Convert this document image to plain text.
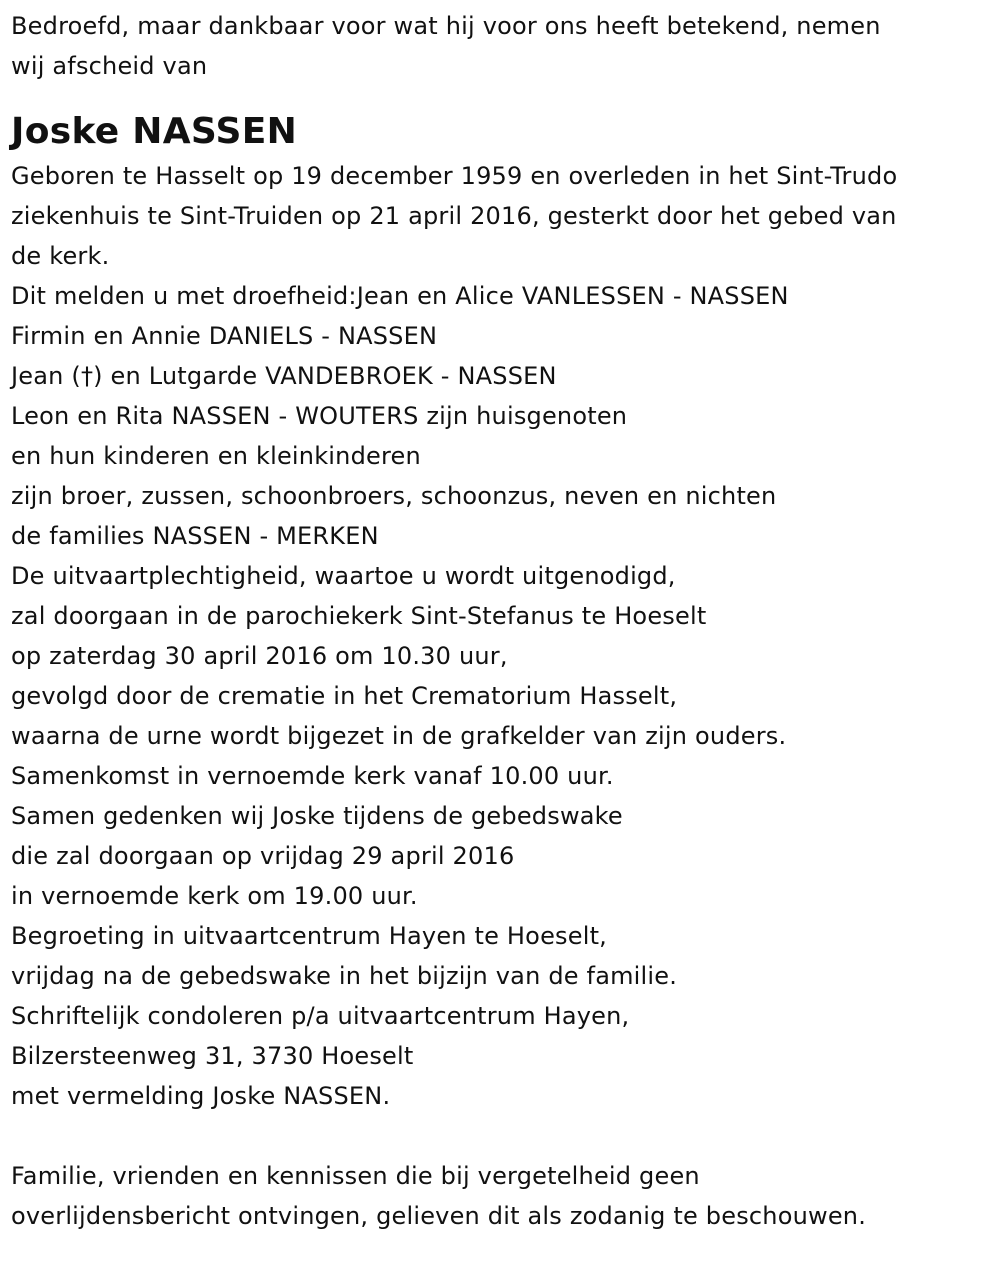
Bedroefd, maar dankbaar voor wat hij voor ons heeft betekend, nemen
wij afscheid van
Joske NASSEN
Geboren te Hasselt op 19 december 1959 en overleden in het Sint-Trudo
ziekenhuis te Sint-Truiden op 21 april 2016, gesterkt door het gebed van
de kerk.
Dit melden u met droefheid:Jean en Alice VANLESSEN - NASSEN
Firmin en Annie DANIELS - NASSEN
Jean (†) en Lutgarde VANDEBROEK - NASSEN
Leon en Rita NASSEN - WOUTERS zijn huisgenoten
en hun kinderen en kleinkinderen
zijn broer, zussen, schoonbroers, schoonzus, neven en nichten
de families NASSEN - MERKEN
De uitvaartplechtigheid, waartoe u wordt uitgenodigd,
zal doorgaan in de parochiekerk Sint-Stefanus te Hoeselt
op zaterdag 30 april 2016 om 10.30 uur,
gevolgd door de crematie in het Crematorium Hasselt,
waarna de urne wordt bijgezet in de grafkelder van zijn ouders.
Samenkomst in vernoemde kerk vanaf 10.00 uur.
Samen gedenken wij Joske tijdens de gebedswake
die zal doorgaan op vrijdag 29 april 2016
in vernoemde kerk om 19.00 uur.
Begroeting in uitvaartcentrum Hayen te Hoeselt,
vrijdag na de gebedswake in het bijzijn van de familie.
Schriftelijk condoleren p/a uitvaartcentrum Hayen,
Bilzersteenweg 31, 3730 Hoeselt
met vermelding Joske NASSEN.
Familie, vrienden en kennissen die bij vergetelheid geen
overlijdensbericht ontvingen, gelieven dit als zodanig te beschouwen.
